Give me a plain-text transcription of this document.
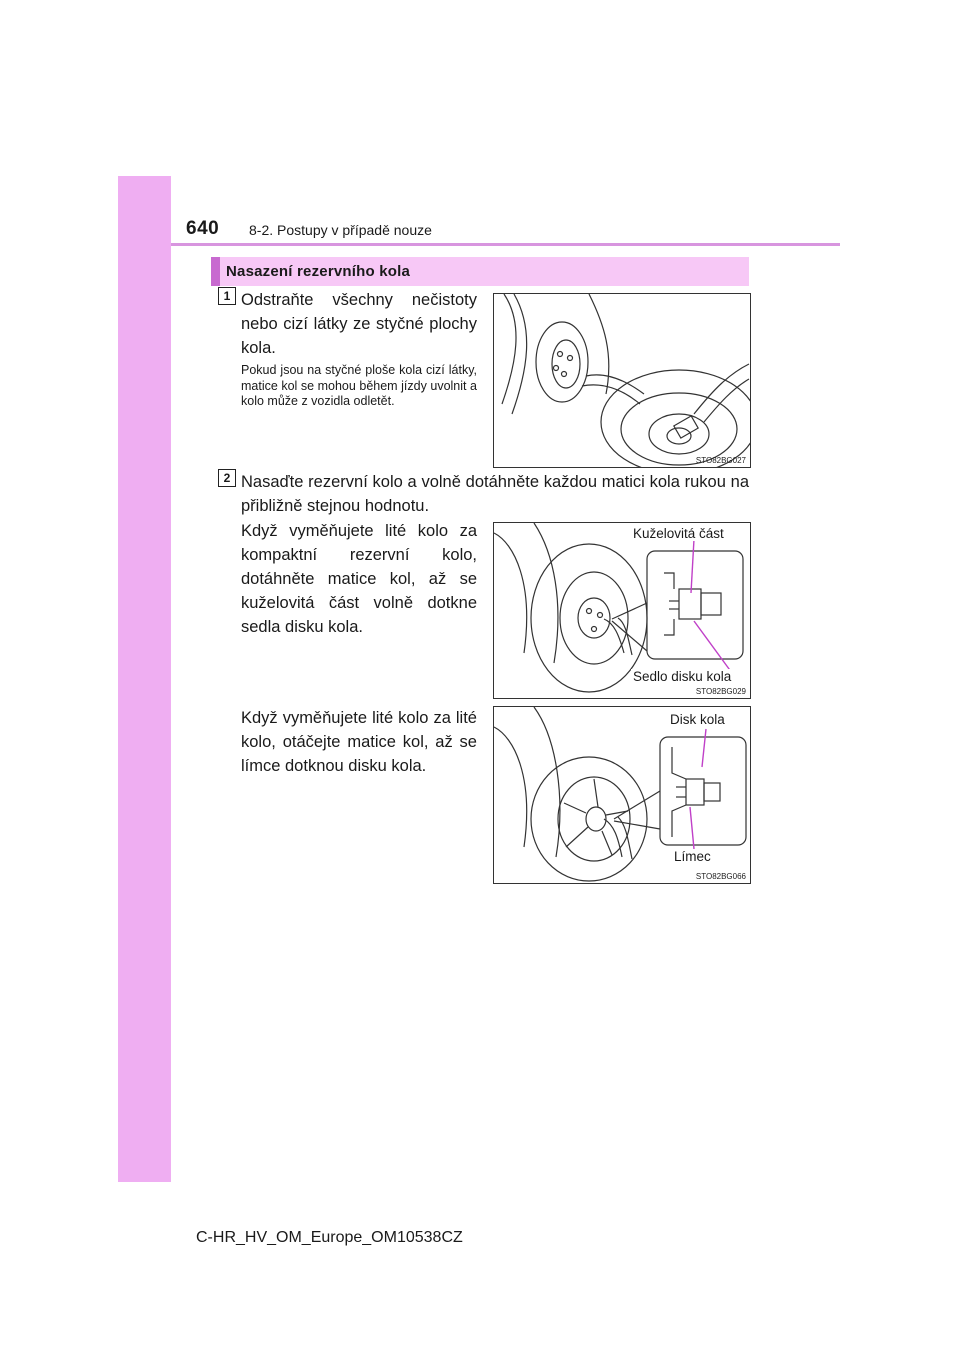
640 8-2. Postupy v případě nouze
Nasazení rezervního kola
1 Odstraňte všechny nečistoty nebo cizí látky ze styčné plochy kola.
Pokud jsou na styčné ploše kola cizí látky, matice kol se mohou během jízdy uvolnit a kolo může z vozidla odletět.
STO82BG027
2 Nasaďte rezervní kolo a volně dotáhněte každou matici kola rukou na přibližně stejnou hodnotu.
Když vyměňujete lité kolo za kompaktní rezervní kolo, dotáhněte matice kol, až se kuželovitá část volně dotkne sedla disku kola.
Kuželovitá část
Sedlo disku kola
STO82BG029
Když vyměňujete lité kolo za lité kolo, otáčejte matice kol, až se límce dotknou disku kola.
Disk kola
Límec
STO82BG066
C-HR_HV_OM_Europe_OM10538CZ
